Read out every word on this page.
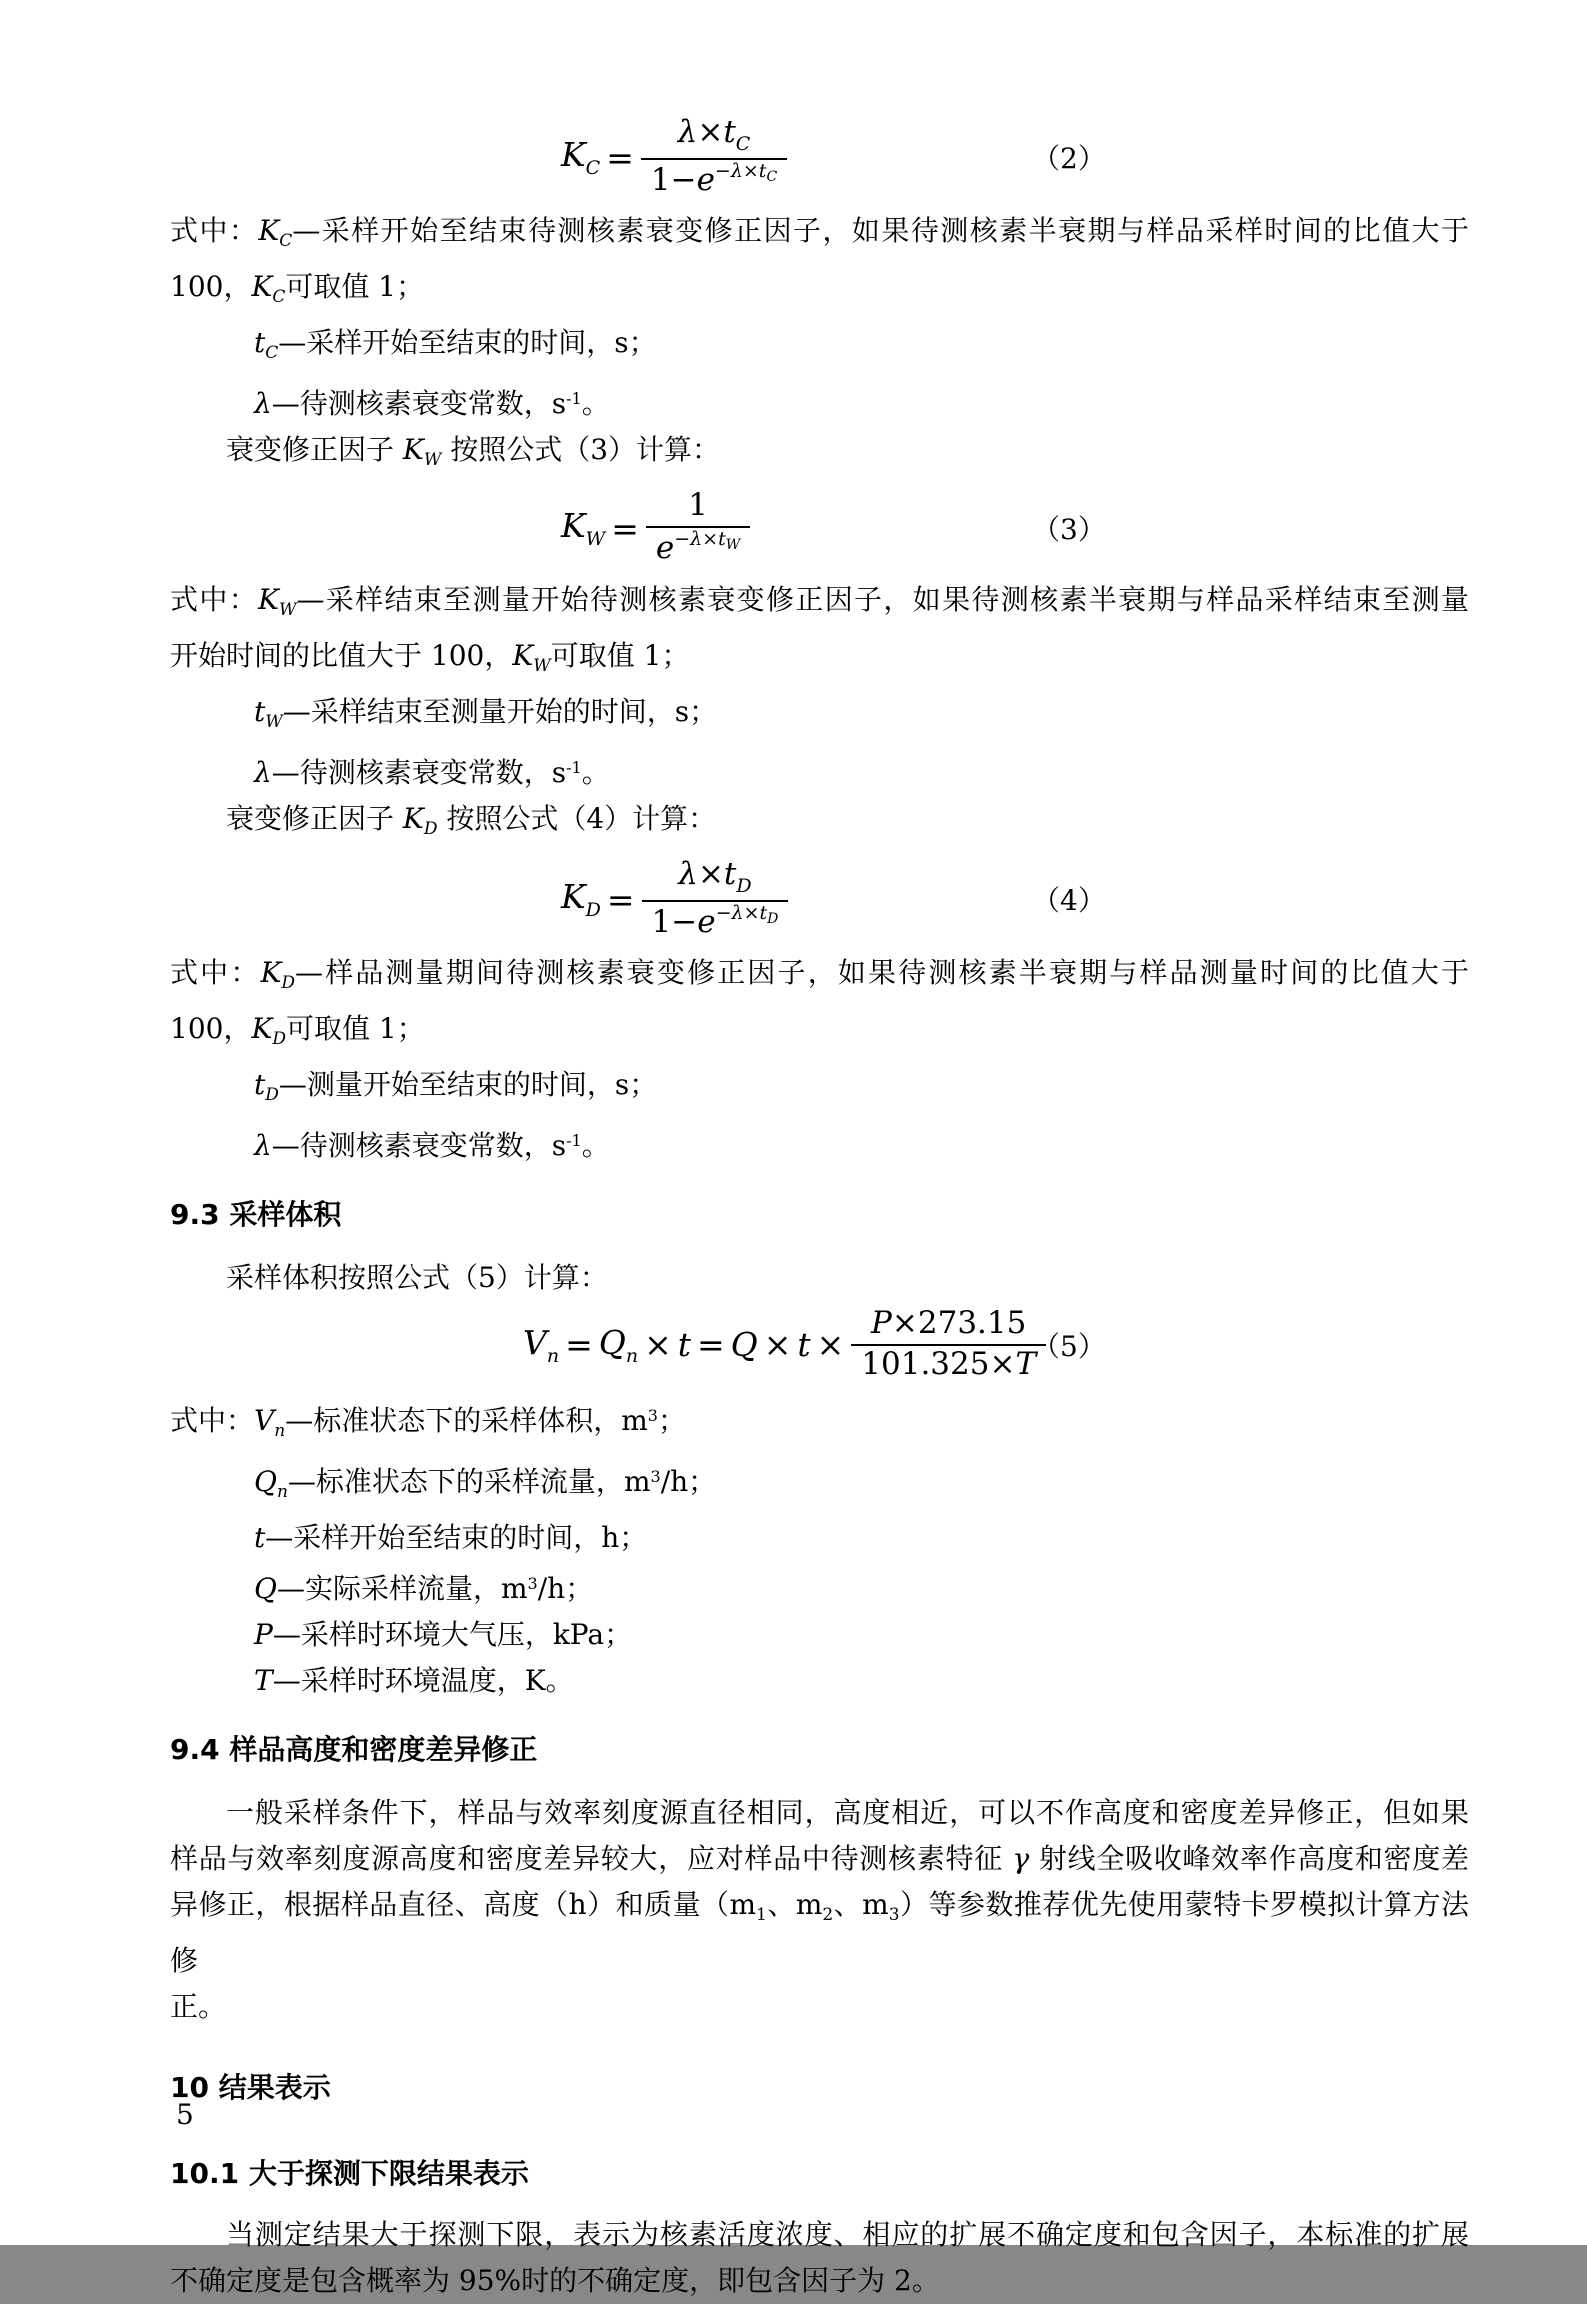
$K_C = \frac{\lambda\times t_C}{1-e^{-\lambda\times t_C}}$	（2）
式中：$K_C—$采样开始至结束待测核素衰变修正因子，如果待测核素半衰期与样品采样时间的比值大于
100，$K_C$可取值 1；
$t_C—$采样开始至结束的时间，s；
λ—待测核素衰变常数，$s^{-1}$。
衰变修正因子 $K_W$ 按照公式（3）计算：
$K_W = \frac{1}{e^{-\lambda\times t_W}}$	（3）
式中：$K_W—$采样结束至测量开始待测核素衰变修正因子，如果待测核素半衰期与样品采样结束至测量
开始时间的比值大于 100，$K_W$可取值 1；
$t_W—$采样结束至测量开始的时间，s；
λ—待测核素衰变常数，$s^{-1}$。
衰变修正因子 $K_D$ 按照公式（4）计算：
$K_D = \frac{\lambda\times t_D}{1-e^{-\lambda\times t_D}}$	（4）
式中：$K_D—$样品测量期间待测核素衰变修正因子，如果待测核素半衰期与样品测量时间的比值大于
100，$K_D$可取值 1；
$t_D—$测量开始至结束的时间，s；
λ—待测核素衰变常数，$s^{-1}$。
9.3 采样体积
采样体积按照公式（5）计算：
$V_n = Q_n \times t = Q \times t \times \frac{P\times 273.15}{101.325\times T}$
（5）
式中：$V_n—$标准状态下的采样体积，$m^3$；
$Q_n—$标准状态下的采样流量，$m^3/h$；
t—采样开始至结束的时间，h；
Q—实际采样流量，$m^3/h$；
P—采样时环境大气压，kPa；
T—采样时环境温度，K。
9.4 样品高度和密度差异修正
一般采样条件下，样品与效率刻度源直径相同，高度相近，可以不作高度和密度差异修正，但如果
样品与效率刻度源高度和密度差异较大，应对样品中待测核素特征 γ 射线全吸收峰效率作高度和密度差
异修正，根据样品直径、高度（h）和质量（$m_1$、$m_2$、$m_3$）等参数推荐优先使用蒙特卡罗模拟计算方法修
正。
10 结果表示
10.1 大于探测下限结果表示
当测定结果大于探测下限，表示为核素活度浓度、相应的扩展不确定度和包含因子，本标准的扩展
不确定度是包含概率为 95%时的不确定度，即包含因子为 2。
5
